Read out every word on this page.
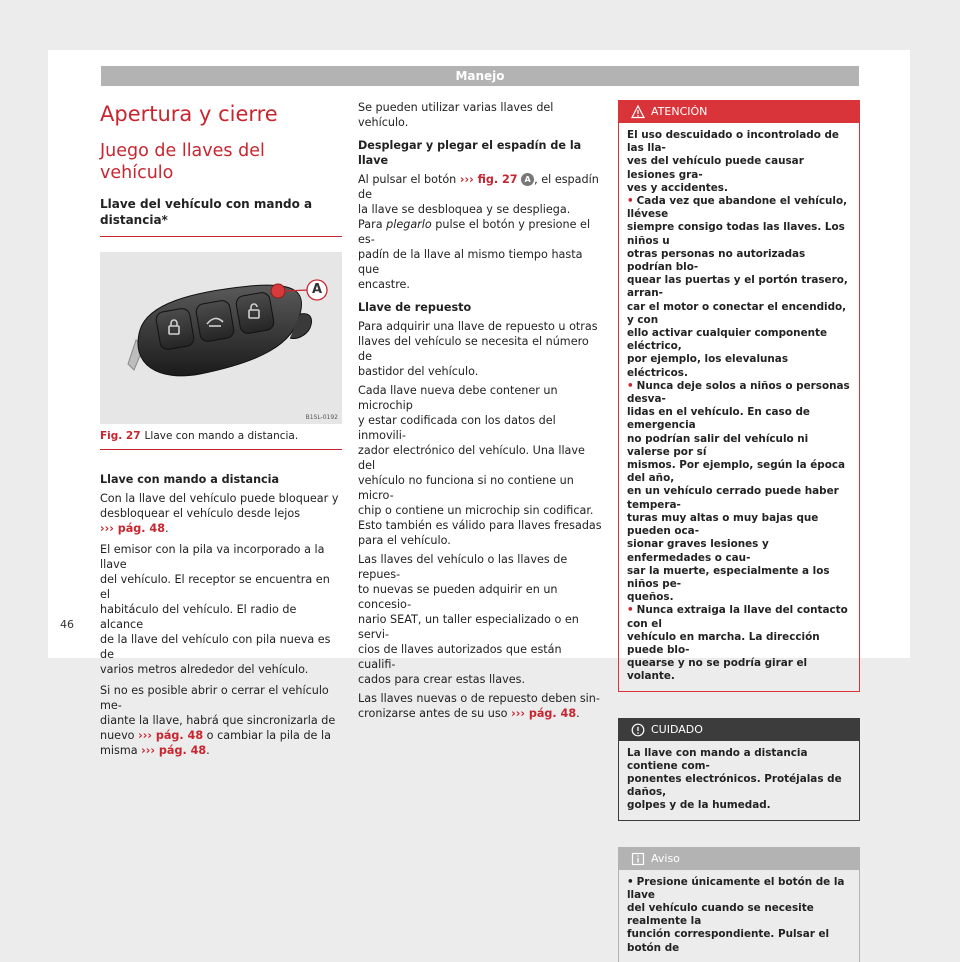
Manejo
Apertura y cierre
Juego de llaves del vehículo
Llave del vehículo con mando a
distancia*
A
B1SL-0192
Fig. 27 Llave con mando a distancia.
Llave con mando a distancia
Con la llave del vehículo puede bloquear y
desbloquear el vehículo desde lejos
››› pág. 48.
El emisor con la pila va incorporado a la llave
del vehículo. El receptor se encuentra en el
habitáculo del vehículo. El radio de alcance
de la llave del vehículo con pila nueva es de
varios metros alrededor del vehículo.
Si no es posible abrir o cerrar el vehículo me-
diante la llave, habrá que sincronizarla de
nuevo ››› pág. 48 o cambiar la pila de la
misma ››› pág. 48.
Se pueden utilizar varias llaves del vehículo.
Desplegar y plegar el espadín de la llave
Al pulsar el botón ››› fig. 27 A , el espadín de
la llave se desbloquea y se despliega.
Para plegarlo pulse el botón y presione el es-
padín de la llave al mismo tiempo hasta que
encastre.
Llave de repuesto
Para adquirir una llave de repuesto u otras
llaves del vehículo se necesita el número de
bastidor del vehículo.
Cada llave nueva debe contener un microchip
y estar codificada con los datos del inmovili-
zador electrónico del vehículo. Una llave del
vehículo no funciona si no contiene un micro-
chip o contiene un microchip sin codificar.
Esto también es válido para llaves fresadas
para el vehículo.
Las llaves del vehículo o las llaves de repues-
to nuevas se pueden adquirir en un concesio-
nario SEAT, un taller especializado o en servi-
cios de llaves autorizados que están cualifi-
cados para crear estas llaves.
Las llaves nuevas o de repuesto deben sin-
cronizarse antes de su uso ››› pág. 48.
ATENCIÓN
El uso descuidado o incontrolado de las lla-
ves del vehículo puede causar lesiones gra-
ves y accidentes.
• Cada vez que abandone el vehículo, llévese
siempre consigo todas las llaves. Los niños u
otras personas no autorizadas podrían blo-
quear las puertas y el portón trasero, arran-
car el motor o conectar el encendido, y con
ello activar cualquier componente eléctrico,
por ejemplo, los elevalunas eléctricos.
• Nunca deje solos a niños o personas desva-
lidas en el vehículo. En caso de emergencia
no podrían salir del vehículo ni valerse por sí
mismos. Por ejemplo, según la época del año,
en un vehículo cerrado puede haber tempera-
turas muy altas o muy bajas que pueden oca-
sionar graves lesiones y enfermedades o cau-
sar la muerte, especialmente a los niños pe-
queños.
• Nunca extraiga la llave del contacto con el
vehículo en marcha. La dirección puede blo-
quearse y no se podría girar el volante.
CUIDADO
La llave con mando a distancia contiene com-
ponentes electrónicos. Protéjalas de daños,
golpes y de la humedad.
Aviso
• Presione únicamente el botón de la llave
del vehículo cuando se necesite realmente la
función correspondiente. Pulsar el botón de
46
